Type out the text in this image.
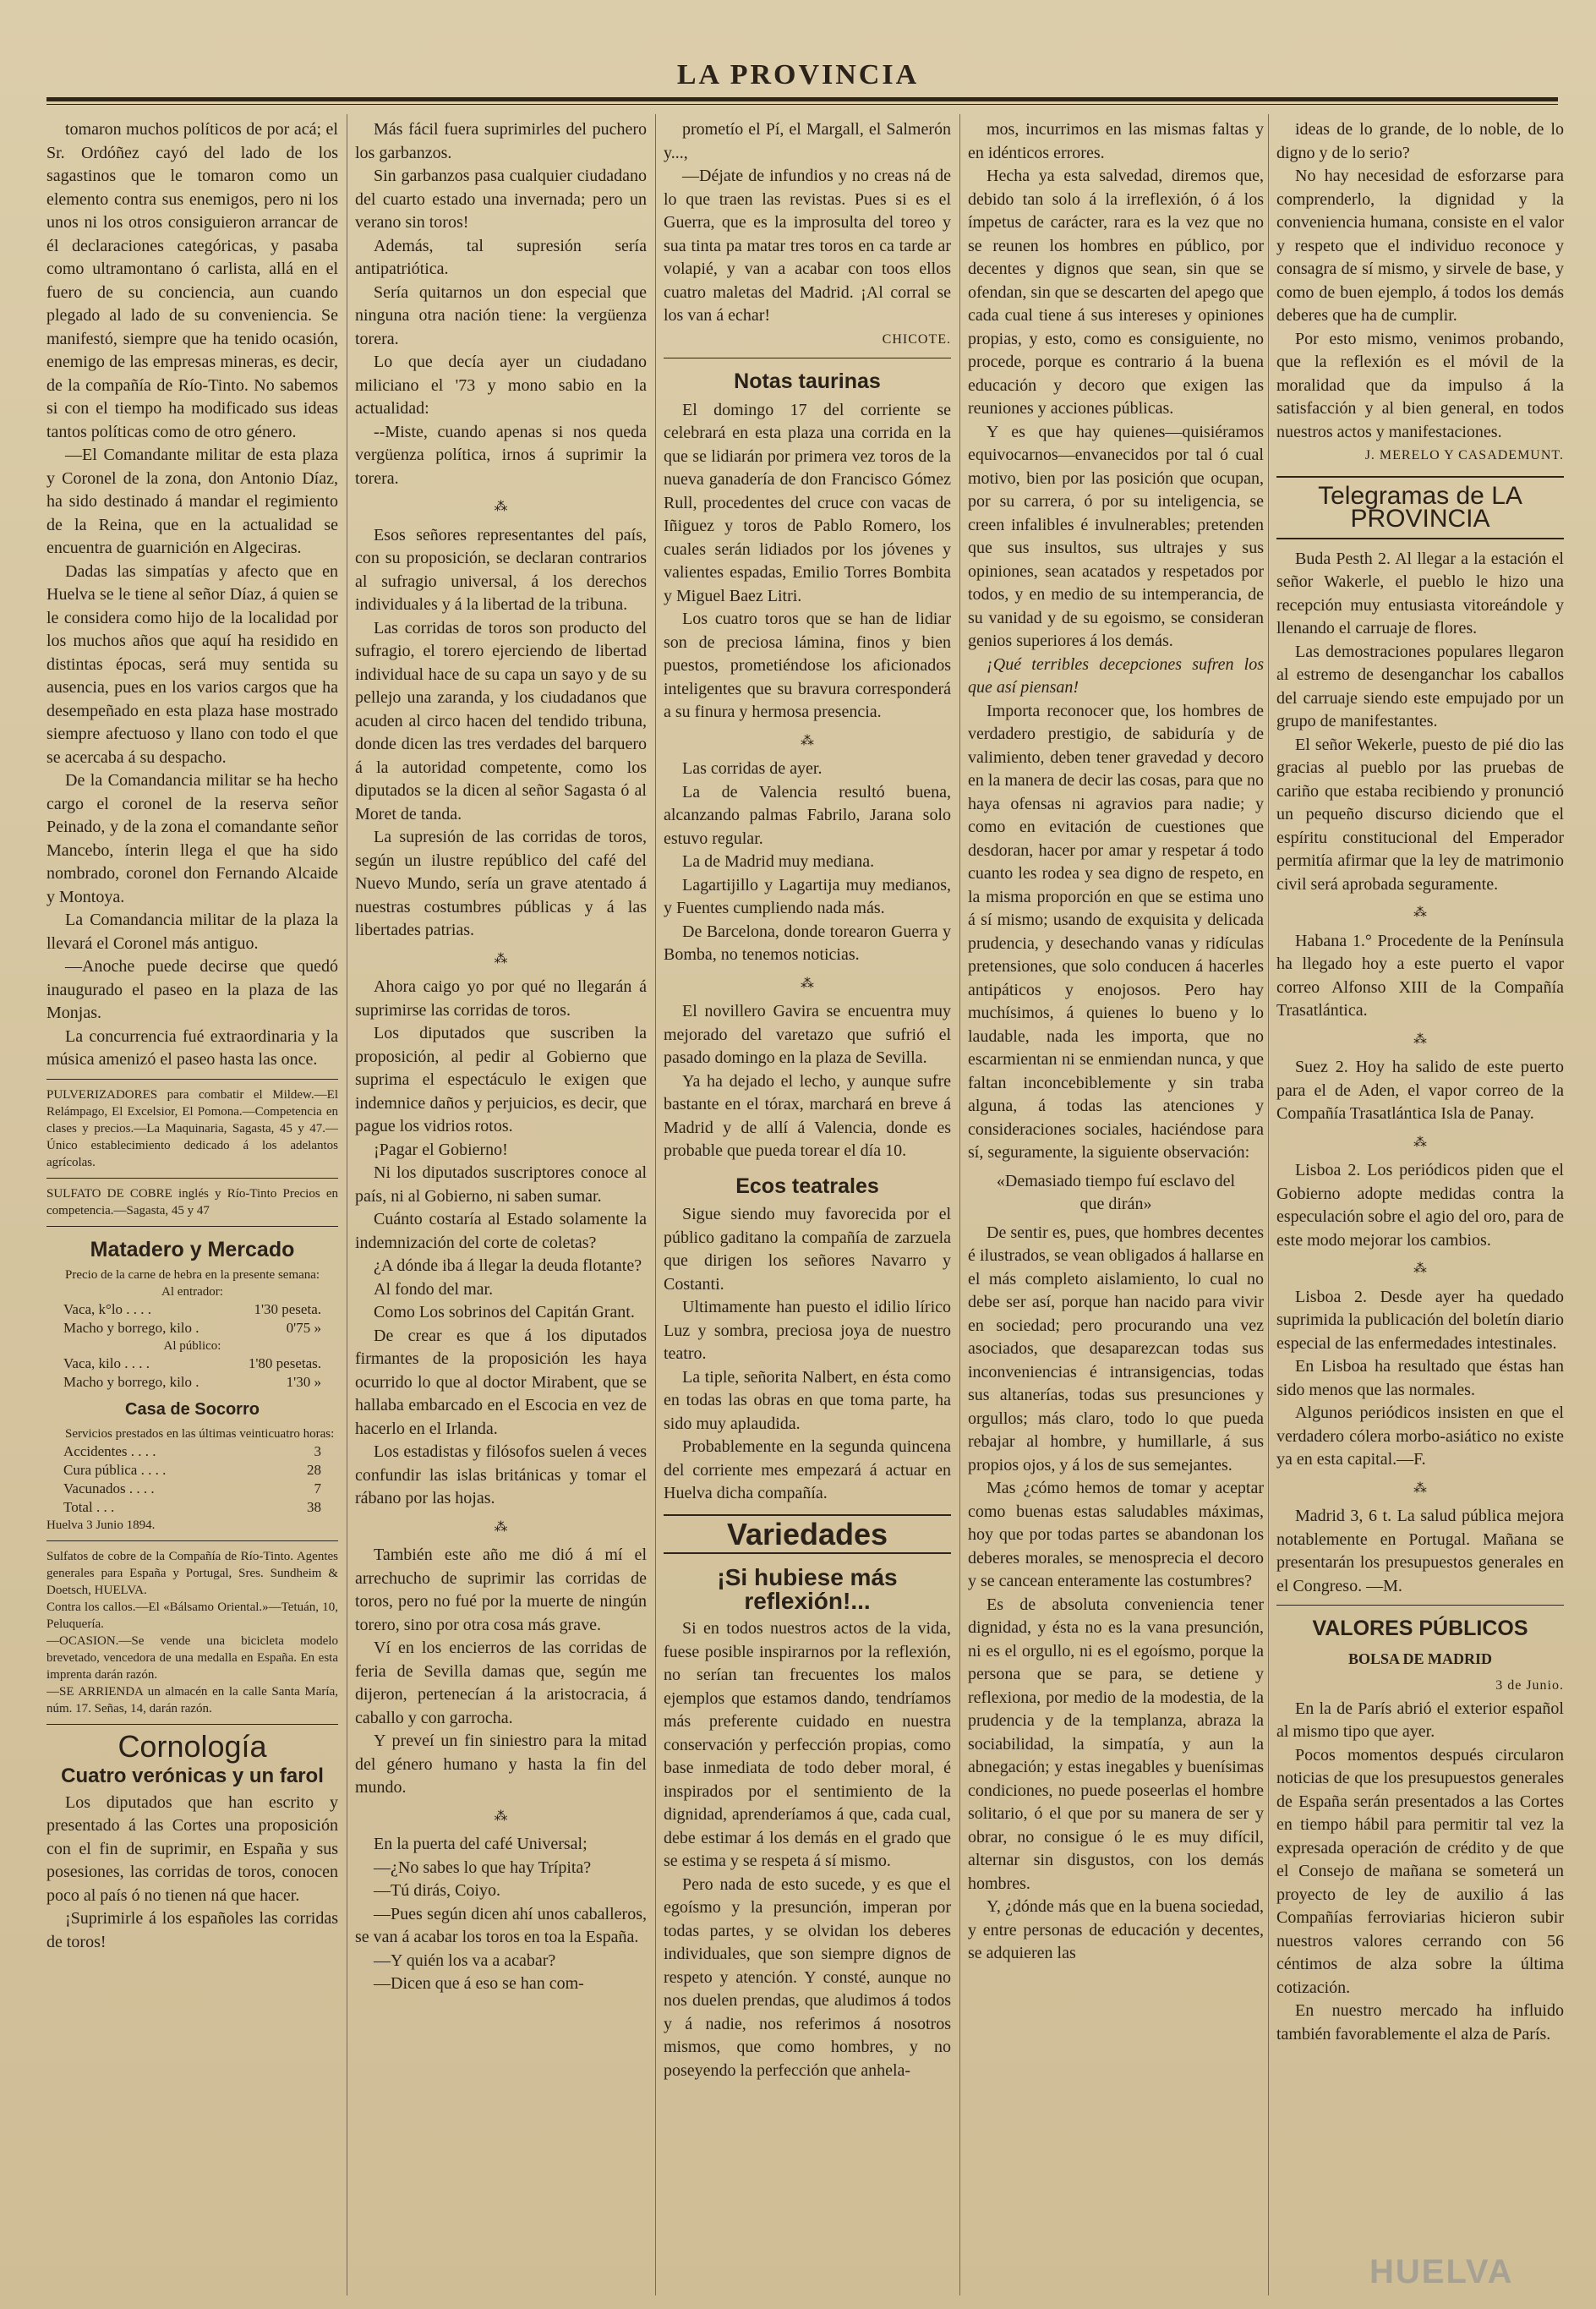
LA PROVINCIA

tomaron muchos políticos de por acá; el Sr. Ordóñez cayó del lado de los sagastinos que le tomaron como un elemento contra sus enemigos, pero ni los unos ni los otros consiguieron arrancar de él declaraciones categóricas, y pasaba como ultramontano ó carlista, allá en el fuero de su conciencia, aun cuando plegado al lado de su conveniencia. Se manifestó, siempre que ha tenido ocasión, enemigo de las empresas mineras, es decir, de la compañía de Río-Tinto. No sabemos si con el tiempo ha modificado sus ideas tantos políticas como de otro género.

—El Comandante militar de esta plaza y Coronel de la zona, don Antonio Díaz, ha sido destinado á mandar el regimiento de la Reina, que en la actualidad se encuentra de guarnición en Algeciras.

Dadas las simpatías y afecto que en Huelva se le tiene al señor Díaz, á quien se le considera como hijo de la localidad por los muchos años que aquí ha residido en distintas épocas, será muy sentida su ausencia, pues en los varios cargos que ha desempeñado en esta plaza hase mostrado siempre afectuoso y llano con todo el que se acercaba á su despacho.

De la Comandancia militar se ha hecho cargo el coronel de la reserva señor Peinado, y de la zona el comandante señor Mancebo, ínterin llega el que ha sido nombrado, coronel don Fernando Alcaide y Montoya.

La Comandancia militar de la plaza la llevará el Coronel más antiguo.

—Anoche puede decirse que quedó inaugurado el paseo en la plaza de las Monjas.

La concurrencia fué extraordinaria y la música amenizó el paseo hasta las once.

PULVERIZADORES para combatir el Mildew.—El Relámpago, El Excelsior, El Pomona.—Competencia en clases y precios.—La Maquinaria, Sagasta, 45 y 47.—Único establecimiento dedicado á los adelantos agrícolas.

SULFATO DE COBRE inglés y Río-Tinto Precios en competencia.—Sagasta, 45 y 47

Matadero y Mercado

Precio de la carne de hebra en la presente semana:

Al entrador:
Vaca, k°lo . . . .	1'30 peseta.
Macho y borrego, kilo .	0'75 »
Al público:
Vaca, kilo . . . .	1'80 pesetas.
Macho y borrego, kilo .	1'30 »
Casa de Socorro

Servicios prestados en las últimas veinticuatro horas:

Accidentes . . . .	3
Cura pública . . . .	28
Vacunados . . . .	7
Total . . .	38
Huelva 3 Junio 1894.

Sulfatos de cobre de la Compañía de Río-Tinto. Agentes generales para España y Portugal, Sres. Sundheim & Doetsch, HUELVA.

Contra los callos.—El «Bálsamo Oriental.»—Tetuán, 10, Peluquería.

—OCASION.—Se vende una bicicleta modelo brevetado, vencedora de una medalla en España. En esta imprenta darán razón.

—SE ARRIENDA un almacén en la calle Santa María, núm. 17. Señas, 14, darán razón.

Cornología
Cuatro verónicas y un farol

Los diputados que han escrito y presentado á las Cortes una proposición con el fin de suprimir, en España y sus posesiones, las corridas de toros, conocen poco al país ó no tienen ná que hacer.

¡Suprimirle á los españoles las corridas de toros!

Más fácil fuera suprimirles del puchero los garbanzos.

Sin garbanzos pasa cualquier ciudadano del cuarto estado una invernada; pero un verano sin toros!

Además, tal supresión sería antipatriótica.

Sería quitarnos un don especial que ninguna otra nación tiene: la vergüenza torera.

Lo que decía ayer un ciudadano miliciano el '73 y mono sabio en la actualidad:

--Miste, cuando apenas si nos queda vergüenza política, irnos á suprimir la torera.

⁂

Esos señores representantes del país, con su proposición, se declaran contrarios al sufragio universal, á los derechos individuales y á la libertad de la tribuna.

Las corridas de toros son producto del sufragio, el torero ejerciendo de libertad individual hace de su capa un sayo y de su pellejo una zaranda, y los ciudadanos que acuden al circo hacen del tendido tribuna, donde dicen las tres verdades del barquero á la autoridad competente, como los diputados se la dicen al señor Sagasta ó al Moret de tanda.

La supresión de las corridas de toros, según un ilustre repúblico del café del Nuevo Mundo, sería un grave atentado á nuestras costumbres públicas y á las libertades patrias.

⁂

Ahora caigo yo por qué no llegarán á suprimirse las corridas de toros.

Los diputados que suscriben la proposición, al pedir al Gobierno que suprima el espectáculo le exigen que indemnice daños y perjuicios, es decir, que pague los vidrios rotos.

¡Pagar el Gobierno!

Ni los diputados suscriptores conoce al país, ni al Gobierno, ni saben sumar.

Cuánto costaría al Estado solamente la indemnización del corte de coletas?

¿A dónde iba á llegar la deuda flotante?

Al fondo del mar.

Como Los sobrinos del Capitán Grant.

De crear es que á los diputados firmantes de la proposición les haya ocurrido lo que al doctor Mirabent, que se hallaba embarcado en el Escocia en vez de hacerlo en el Irlanda.

Los estadistas y filósofos suelen á veces confundir las islas británicas y tomar el rábano por las hojas.

⁂

También este año me dió á mí el arrechucho de suprimir las corridas de toros, pero no fué por la muerte de ningún torero, sino por otra cosa más grave.

Ví en los encierros de las corridas de feria de Sevilla damas que, según me dijeron, pertenecían á la aristocracia, á caballo y con garrocha.

Y preveí un fin siniestro para la mitad del género humano y hasta la fin del mundo.

⁂

En la puerta del café Universal;

—¿No sabes lo que hay Trípita?

—Tú dirás, Coiyo.

—Pues según dicen ahí unos caballeros, se van á acabar los toros en toa la España.

—Y quién los va a acabar?

—Dicen que á eso se han com-

prometío el Pí, el Margall, el Salmerón y...,

—Déjate de infundios y no creas ná de lo que traen las revistas. Pues si es el Guerra, que es la improsulta del toreo y sua tinta pa matar tres toros en ca tarde ar volapié, y van a acabar con toos ellos cuatro maletas del Madrid. ¡Al corral se los van á echar!

CHICOTE.
Notas taurinas

El domingo 17 del corriente se celebrará en esta plaza una corrida en la que se lidiarán por primera vez toros de la nueva ganadería de don Francisco Gómez Rull, procedentes del cruce con vacas de Iñiguez y toros de Pablo Romero, los cuales serán lidiados por los jóvenes y valientes espadas, Emilio Torres Bombita y Miguel Baez Litri.

Los cuatro toros que se han de lidiar son de preciosa lámina, finos y bien puestos, prometiéndose los aficionados inteligentes que su bravura corresponderá a su finura y hermosa presencia.

⁂

Las corridas de ayer.

La de Valencia resultó buena, alcanzando palmas Fabrilo, Jarana solo estuvo regular.

La de Madrid muy mediana.

Lagartijillo y Lagartija muy medianos, y Fuentes cumpliendo nada más.

De Barcelona, donde torearon Guerra y Bomba, no tenemos noticias.

⁂

El novillero Gavira se encuentra muy mejorado del varetazo que sufrió el pasado domingo en la plaza de Sevilla.

Ya ha dejado el lecho, y aunque sufre bastante en el tórax, marchará en breve á Madrid y de allí á Valencia, donde es probable que pueda torear el día 10.

Ecos teatrales

Sigue siendo muy favorecida por el público gaditano la compañía de zarzuela que dirigen los señores Navarro y Costanti.

Ultimamente han puesto el idilio lírico Luz y sombra, preciosa joya de nuestro teatro.

La tiple, señorita Nalbert, en ésta como en todas las obras en que toma parte, ha sido muy aplaudida.

Probablemente en la segunda quincena del corriente mes empezará á actuar en Huelva dicha compañía.

Variedades
¡Si hubiese más reflexión!...

Si en todos nuestros actos de la vida, fuese posible inspirarnos por la reflexión, no serían tan frecuentes los malos ejemplos que estamos dando, tendríamos más preferente cuidado en nuestra conservación y perfección propias, como base inmediata de todo deber moral, é inspirados por el sentimiento de la dignidad, aprenderíamos á que, cada cual, debe estimar á los demás en el grado que se estima y se respeta á sí mismo.

Pero nada de esto sucede, y es que el egoísmo y la presunción, imperan por todas partes, y se olvidan los deberes individuales, que son siempre dignos de respeto y atención. Y consté, aunque no nos duelen prendas, que aludimos á todos y á nadie, nos referimos á nosotros mismos, que como hombres, y no poseyendo la perfección que anhela-

mos, incurrimos en las mismas faltas y en idénticos errores.

Hecha ya esta salvedad, diremos que, debido tan solo á la irreflexión, ó á los ímpetus de carácter, rara es la vez que no se reunen los hombres en público, por decentes y dignos que sean, sin que se ofendan, sin que se descarten del apego que cada cual tiene á sus intereses y opiniones propias, y esto, como es consiguiente, no procede, porque es contrario á la buena educación y decoro que exigen las reuniones y acciones públicas.

Y es que hay quienes—quisiéramos equivocarnos—envanecidos por tal ó cual motivo, bien por las posición que ocupan, por su carrera, ó por su inteligencia, se creen infalibles é invulnerables; pretenden que sus insultos, sus ultrajes y sus opiniones, sean acatados y respetados por todos, y en medio de su intemperancia, de su vanidad y de su egoismo, se consideran genios superiores á los demás.

¡Qué terribles decepciones sufren los que así piensan!

Importa reconocer que, los hombres de verdadero prestigio, de sabiduría y de valimiento, deben tener gravedad y decoro en la manera de decir las cosas, para que no haya ofensas ni agravios para nadie; y como en evitación de cuestiones que desdoran, hacer por amar y respetar á todo cuanto les rodea y sea digno de respeto, en la misma proporción en que se estima uno á sí mismo; usando de exquisita y delicada prudencia, y desechando vanas y ridículas pretensiones, que solo conducen á hacerles antipáticos y enojosos. Pero hay muchísimos, á quienes lo bueno y lo laudable, nada les importa, que no escarmientan ni se enmiendan nunca, y que faltan inconcebiblemente y sin traba alguna, á todas las atenciones y consideraciones sociales, haciéndose para sí, seguramente, la siguiente observación:

«Demasiado tiempo fuí esclavo del que dirán»

De sentir es, pues, que hombres decentes é ilustrados, se vean obligados á hallarse en el más completo aislamiento, lo cual no debe ser así, porque han nacido para vivir en sociedad; pero procurando una vez asociados, que desaparezcan todas sus inconveniencias é intransigencias, todas sus altanerías, todas sus presunciones y orgullos; más claro, todo lo que pueda rebajar al hombre, y humillarle, á sus propios ojos, y á los de sus semejantes.

Mas ¿cómo hemos de tomar y aceptar como buenas estas saludables máximas, hoy que por todas partes se abandonan los deberes morales, se menosprecia el decoro y se cancean enteramente las costumbres?

Es de absoluta conveniencia tener dignidad, y ésta no es la vana presunción, ni es el orgullo, ni es el egoísmo, porque la persona que se para, se detiene y reflexiona, por medio de la modestia, de la prudencia y de la templanza, abraza la sociabilidad, la simpatía, y aun la abnegación; y estas inegables y buenísimas condiciones, no puede poseerlas el hombre solitario, ó el que por su manera de ser y obrar, no consigue ó le es muy difícil, alternar sin disgustos, con los demás hombres.

Y, ¿dónde más que en la buena sociedad, y entre personas de educación y decentes, se adquieren las

ideas de lo grande, de lo noble, de lo digno y de lo serio?

No hay necesidad de esforzarse para comprenderlo, la dignidad y la conveniencia humana, consiste en el valor y respeto que el individuo reconoce y consagra de sí mismo, y sirvele de base, y como de buen ejemplo, á todos los demás deberes que ha de cumplir.

Por esto mismo, venimos probando, que la reflexión es el móvil de la moralidad que da impulso á la satisfacción y al bien general, en todos nuestros actos y manifestaciones.

J. MERELO Y CASADEMUNT.
Telegramas de LA PROVINCIA

Buda Pesth 2. Al llegar a la estación el señor Wakerle, el pueblo le hizo una recepción muy entusiasta vitoreándole y llenando el carruaje de flores.

Las demostraciones populares llegaron al estremo de desenganchar los caballos del carruaje siendo este empujado por un grupo de manifestantes.

El señor Wekerle, puesto de pié dio las gracias al pueblo por las pruebas de cariño que estaba recibiendo y pronunció un pequeño discurso diciendo que el espíritu constitucional del Emperador permitía afirmar que la ley de matrimonio civil será aprobada seguramente.

⁂

Habana 1.° Procedente de la Península ha llegado hoy a este puerto el vapor correo Alfonso XIII de la Compañía Trasatlántica.

⁂

Suez 2. Hoy ha salido de este puerto para el de Aden, el vapor correo de la Compañía Trasatlántica Isla de Panay.

⁂

Lisboa 2. Los periódicos piden que el Gobierno adopte medidas contra la especulación sobre el agio del oro, para de este modo mejorar los cambios.

⁂

Lisboa 2. Desde ayer ha quedado suprimida la publicación del boletín diario especial de las enfermedades intestinales.

En Lisboa ha resultado que éstas han sido menos que las normales.

Algunos periódicos insisten en que el verdadero cólera morbo-asiático no existe ya en esta capital.—F.

⁂

Madrid 3, 6 t. La salud pública mejora notablemente en Portugal. Mañana se presentarán los presupuestos generales en el Congreso. —M.

VALORES PÚBLICOS
BOLSA DE MADRID
3 de Junio.

En la de París abrió el exterior español al mismo tipo que ayer.

Pocos momentos después circularon noticias de que los presupuestos generales de España serán presentados a las Cortes en tiempo hábil para permitir tal vez la expresada operación de crédito y de que el Consejo de mañana se someterá un proyecto de ley de auxilio á las Compañías ferroviarias hicieron subir nuestros valores cerrando con 56 céntimos de alza sobre la última cotización.

En nuestro mercado ha influido también favorablemente el alza de París.

HUELVA
